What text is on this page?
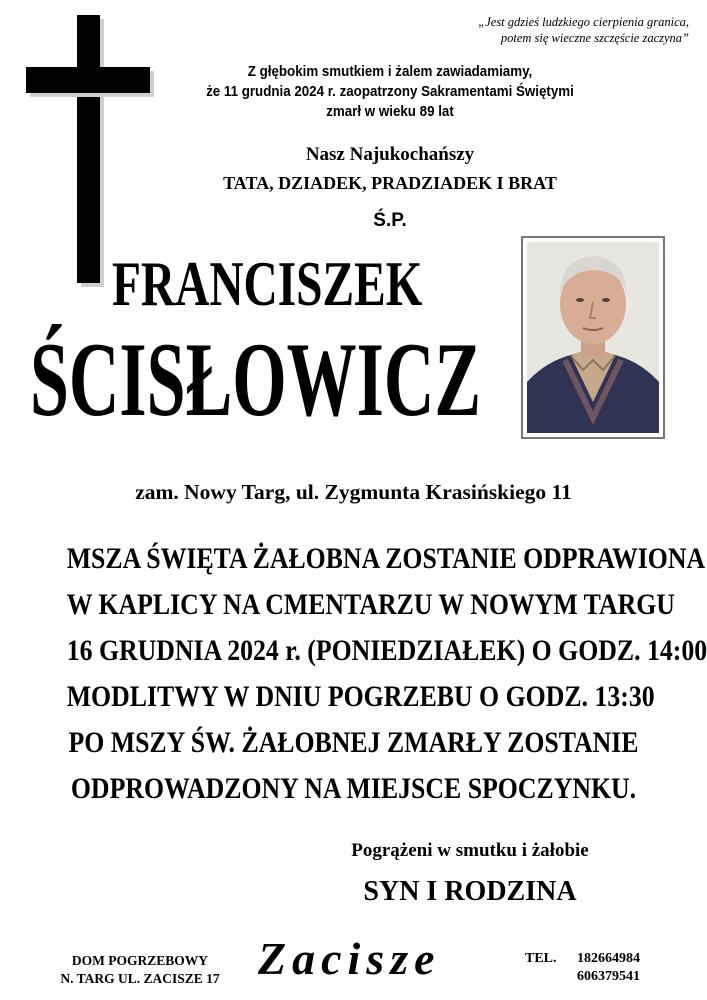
„Jest gdzieś ludzkiego cierpienia granica,
potem się wieczne szczęście zaczyna”
Z głębokim smutkiem i żalem zawiadamiamy,
że 11 grudnia 2024 r. zaopatrzony Sakramentami Świętymi
zmarł w wieku 89 lat
Nasz Najukochańszy
TATA, DZIADEK, PRADZIADEK I BRAT
Ś.P.
FRANCISZEK
ŚCISŁOWICZ
zam. Nowy Targ, ul. Zygmunta Krasińskiego 11
MSZA ŚWIĘTA ŻAŁOBNA ZOSTANIE ODPRAWIONA
W KAPLICY NA CMENTARZU W NOWYM TARGU
16 GRUDNIA 2024 r. (PONIEDZIAŁEK) O GODZ. 14:00
MODLITWY W DNIU POGRZEBU O GODZ. 13:30
PO MSZY ŚW. ŻAŁOBNEJ ZMARŁY ZOSTANIE
ODPROWADZONY NA MIEJSCE SPOCZYNKU.
Pogrążeni w smutku i żałobie
SYN I RODZINA
DOM POGRZEBOWY
N. TARG UL. ZACISZE 17 Zacisze	TEL.	182664984
606379541
